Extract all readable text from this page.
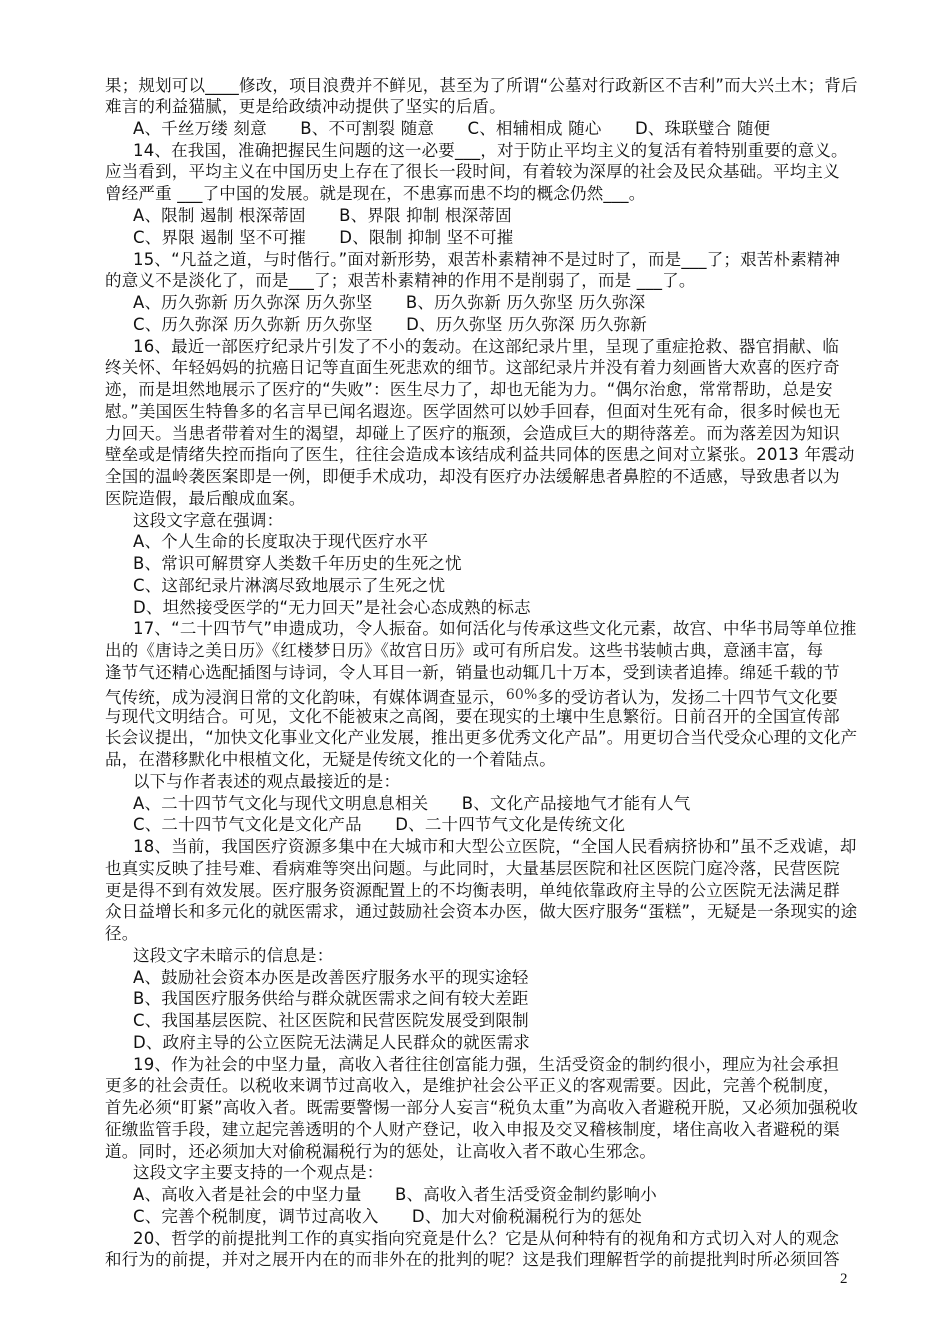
果；规划可以____修改，项目浪费并不鲜见，甚至为了所谓“公墓对行政新区不吉利”而大兴土木；背后
难言的利益猫腻，更是给政绩冲动提供了坚实的后盾。
A、千丝万缕 刻意　　B、不可割裂 随意　　C、相辅相成 随心　　D、珠联璧合 随便
14、在我国，准确把握民生问题的这一必要___，对于防止平均主义的复活有着特别重要的意义。
应当看到，平均主义在中国历史上存在了很长一段时间，有着较为深厚的社会及民众基础。平均主义
曾经严重 ___了中国的发展。就是现在，不患寡而患不均的概念仍然___。
A、限制 遏制 根深蒂固　　B、界限 抑制 根深蒂固
C、界限 遏制 坚不可摧　　D、限制 抑制 坚不可摧
15、“凡益之道，与时偕行。”面对新形势，艰苦朴素精神不是过时了，而是___了；艰苦朴素精神
的意义不是淡化了，而是___了；艰苦朴素精神的作用不是削弱了，而是 ___了。
A、历久弥新 历久弥深 历久弥坚　　B、历久弥新 历久弥坚 历久弥深
C、历久弥深 历久弥新 历久弥坚　　D、历久弥坚 历久弥深 历久弥新
16、最近一部医疗纪录片引发了不小的轰动。在这部纪录片里，呈现了重症抢救、器官捐献、临
终关怀、年轻妈妈的抗癌日记等直面生死悲欢的细节。这部纪录片并没有着力刻画皆大欢喜的医疗奇
迹，而是坦然地展示了医疗的“失败”：医生尽力了，却也无能为力。“偶尔治愈，常常帮助，总是安
慰。”美国医生特鲁多的名言早已闻名遐迩。医学固然可以妙手回春，但面对生死有命，很多时候也无
力回天。当患者带着对生的渴望，却碰上了医疗的瓶颈，会造成巨大的期待落差。而为落差因为知识
壁垒或是情绪失控而指向了医生，往往会造成本该结成利益共同体的医患之间对立紧张。2013 年震动
全国的温岭袭医案即是一例，即便手术成功，却没有医疗办法缓解患者鼻腔的不适感，导致患者以为
医院造假，最后酿成血案。
这段文字意在强调：
A、个人生命的长度取决于现代医疗水平
B、常识可解贯穿人类数千年历史的生死之忧
C、这部纪录片淋漓尽致地展示了生死之忧
D、坦然接受医学的“无力回天”是社会心态成熟的标志
17、“二十四节气”申遗成功，令人振奋。如何活化与传承这些文化元素，故宫、中华书局等单位推
出的《唐诗之美日历》《红楼梦日历》《故宫日历》或可有所启发。这些书装帧古典，意涵丰富，每
逢节气还精心选配插图与诗词，令人耳目一新，销量也动辄几十万本，受到读者追捧。绵延千载的节
气传统，成为浸润日常的文化韵味，有媒体调查显示，$^{60\%}$多的受访者认为，发扬二十四节气文化要
与现代文明结合。可见，文化不能被束之高阁，要在现实的土壤中生息繁衍。日前召开的全国宣传部
长会议提出，“加快文化事业文化产业发展，推出更多优秀文化产品”。用更切合当代受众心理的文化产
品，在潜移默化中根植文化，无疑是传统文化的一个着陆点。
以下与作者表述的观点最接近的是：
A、二十四节气文化与现代文明息息相关　　B、文化产品接地气才能有人气
C、二十四节气文化是文化产品　　D、二十四节气文化是传统文化
18、当前，我国医疗资源多集中在大城市和大型公立医院，“全国人民看病挤协和”虽不乏戏谑，却
也真实反映了挂号难、看病难等突出问题。与此同时，大量基层医院和社区医院门庭冷落，民营医院
更是得不到有效发展。医疗服务资源配置上的不均衡表明，单纯依靠政府主导的公立医院无法满足群
众日益增长和多元化的就医需求，通过鼓励社会资本办医，做大医疗服务“蛋糕”，无疑是一条现实的途
径。
这段文字未暗示的信息是：
A、鼓励社会资本办医是改善医疗服务水平的现实途轻
B、我国医疗服务供给与群众就医需求之间有较大差距
C、我国基层医院、社区医院和民营医院发展受到限制
D、政府主导的公立医院无法满足人民群众的就医需求
19、作为社会的中坚力量，高收入者往往创富能力强，生活受资金的制约很小，理应为社会承担
更多的社会责任。以税收来调节过高收入，是维护社会公平正义的客观需要。因此，完善个税制度，
首先必须“盯紧”高收入者。既需要警惕一部分人妄言“税负太重”为高收入者避税开脱，又必须加强税收
征缴监管手段，建立起完善透明的个人财产登记，收入申报及交叉稽核制度，堵住高收入者避税的渠
道。同时，还必须加大对偷税漏税行为的惩处，让高收入者不敢心生邪念。
这段文字主要支持的一个观点是：
A、高收入者是社会的中坚力量　　B、高收入者生活受资金制约影响小
C、完善个税制度，调节过高收入　　D、加大对偷税漏税行为的惩处
20、哲学的前提批判工作的真实指向究竟是什么？它是从何种特有的视角和方式切入对人的观念
和行为的前提，并对之展开内在的而非外在的批判的呢？这是我们理解哲学的前提批判时所必须回答
2
